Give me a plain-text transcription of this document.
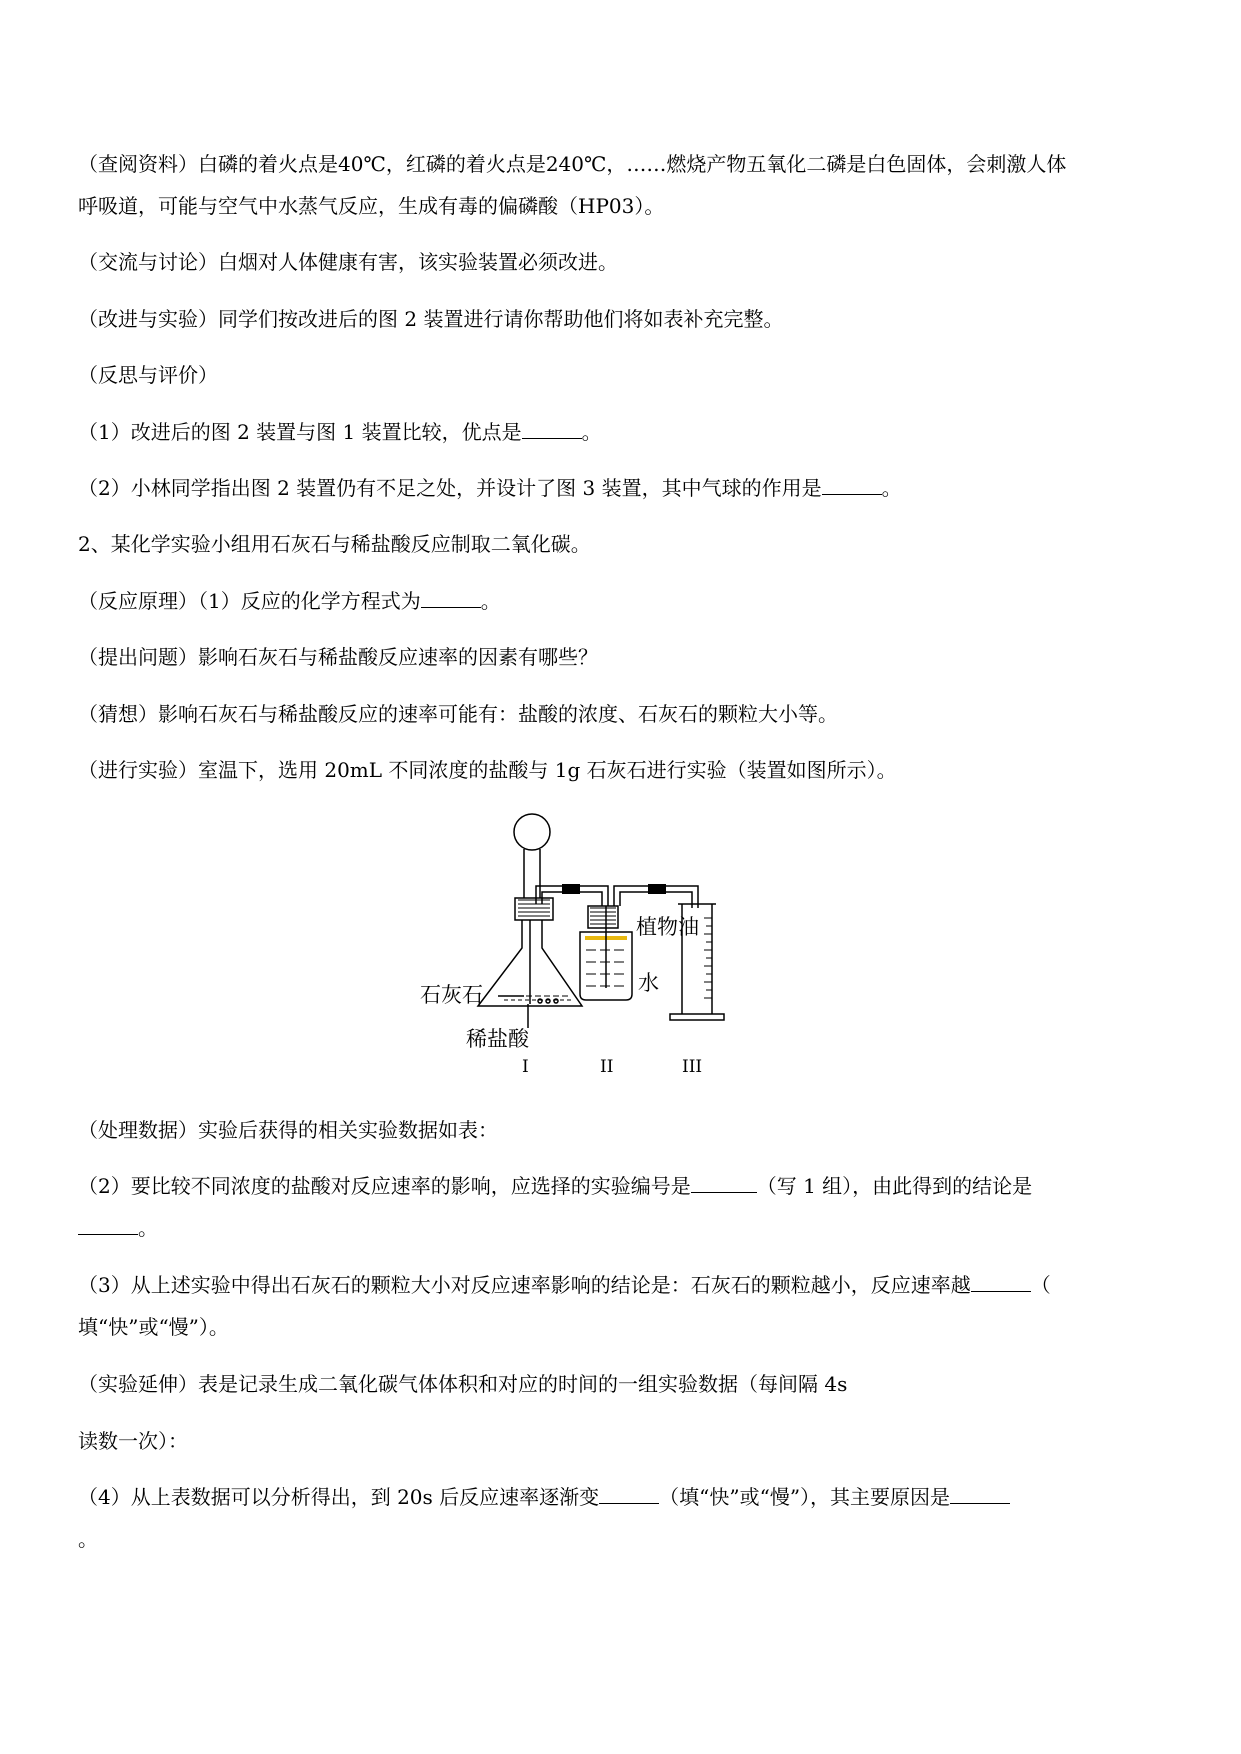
（查阅资料）白磷的着火点是40℃，红磷的着火点是240℃，……燃烧产物五氧化二磷是白色固体，会刺激人体
呼吸道，可能与空气中水蒸气反应，生成有毒的偏磷酸（HP03）。
（交流与讨论）白烟对人体健康有害，该实验装置必须改进。
（改进与实验）同学们按改进后的图 2 装置进行请你帮助他们将如表补充完整。
（反思与评价）
（1）改进后的图 2 装置与图 1 装置比较，优点是	。
（2）小林同学指出图 2 装置仍有不足之处，并设计了图 3 装置，其中气球的作用是	。
2、某化学实验小组用石灰石与稀盐酸反应制取二氧化碳。
（反应原理）（1）反应的化学方程式为	。
（提出问题）影响石灰石与稀盐酸反应速率的因素有哪些？
（猜想）影响石灰石与稀盐酸反应的速率可能有：盐酸的浓度、石灰石的颗粒大小等。
（进行实验）室温下，选用 20mL 不同浓度的盐酸与 1g 石灰石进行实验（装置如图所示）。
石灰石
稀盐酸
植物油
水
I	II	III
（处理数据）实验后获得的相关实验数据如表：
（2）要比较不同浓度的盐酸对反应速率的影响，应选择的实验编号是	（写 1 组），由此得到的结论是
。
（3）从上述实验中得出石灰石的颗粒大小对反应速率影响的结论是：石灰石的颗粒越小，反应速率越	（
填“快”或“慢”）。
（实验延伸）表是记录生成二氧化碳气体体积和对应的时间的一组实验数据（每间隔 4s
读数一次）：
（4）从上表数据可以分析得出，到 20s 后反应速率逐渐变	（填“快”或“慢”），其主要原因是
。
